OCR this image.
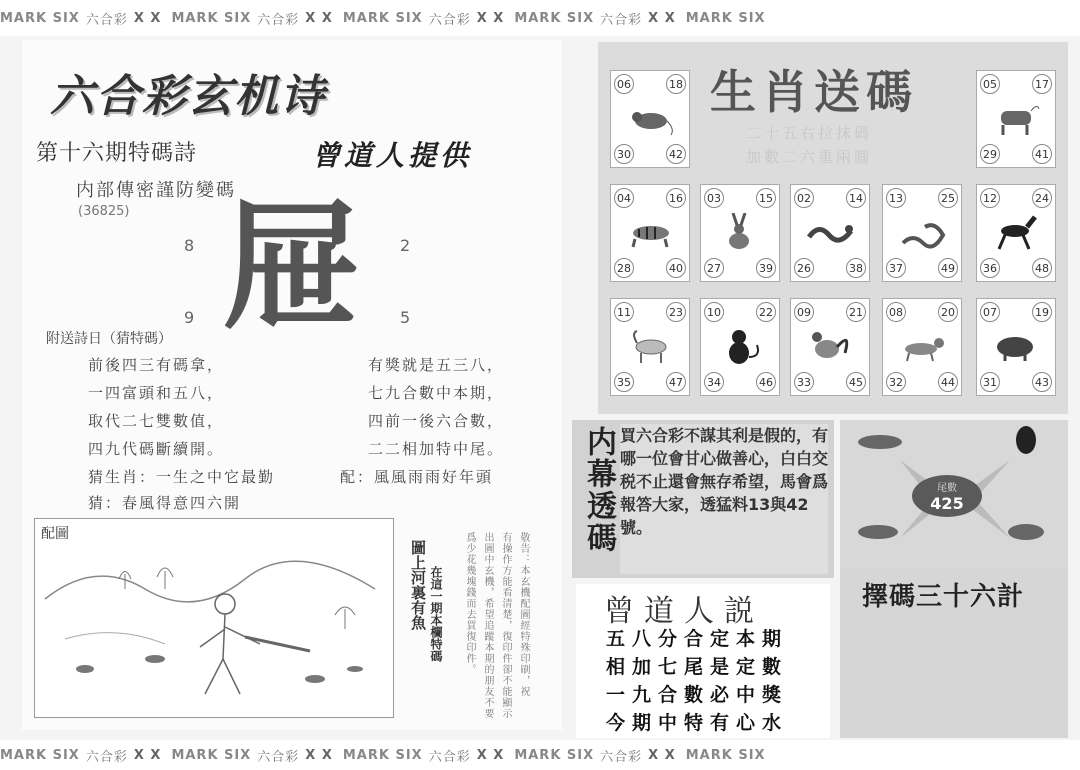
MARK SIX 六合彩 X X MARK SIX 六合彩 X X MARK SIX 六合彩 X X MARK SIX 六合彩 X X MARK SIX
六合彩玄机诗
第十六期特碼詩	曾道人提供
内部傳密謹防變碼
(36825) 屉
8	2
9	5
附送詩日（猜特碼）
前後四三有碼拿，
一四富頭和五八，
取代二七雙數值，
四九代碼斷續開。
有獎就是五三八，
七九合數中本期，
四前一後六合數，
二二相加特中尾。
猜生肖：一生之中它最勤	配：風風雨雨好年頭
猜：春風得意四六開
配圖
圖上河裏有魚 在這一期本欄特碼 爲少花幾塊錢而去買復印件。 出圖中玄機，希望追蹤本期的朋友不要 有操作方能看清楚，復印件卻不能顯示 敬告：本玄機配圖經特殊印刷，祝
生肖送碼
二十五右拉抹碼
加數二六重兩圓
06	18
30	42
05	17
29	41
04	16
28	40
03	15
27	39
02	14
26	38
13	25
37	49
12	24
36	48
11	23
35	47
10	22
34	46
09	21
33	45
08	20
32	44
07	19
31	43
内幕透碼 買六合彩不謀其利是假的，有哪一位會甘心做善心，白白交税不止還會無存希望，馬會爲報答大家，透猛料13與42號。
曾道人説
五八分合定本期
相加七尾是定數
一九合數必中獎
今期中特有心水
尾數
425
擇碼三十六計
MARK SIX 六合彩 X X MARK SIX 六合彩 X X MARK SIX 六合彩 X X MARK SIX 六合彩 X X MARK SIX
